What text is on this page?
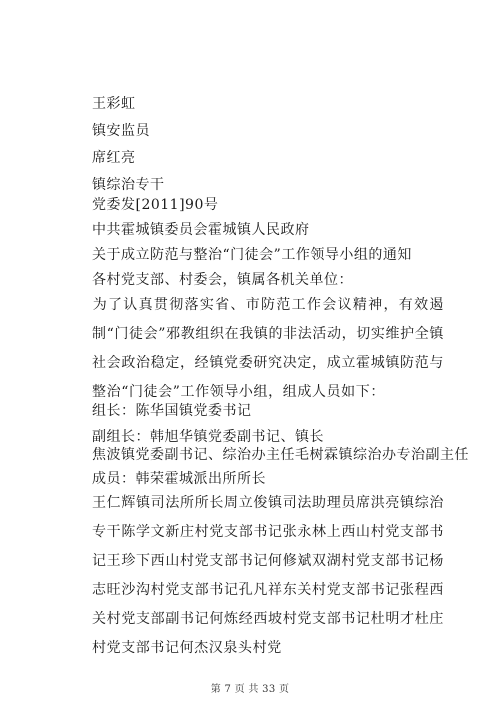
王彩虹
镇安监员
席红亮
镇综治专干
党委发[2011]90号
中共霍城镇委员会霍城镇人民政府
关于成立防范与整治“门徒会”工作领导小组的通知
各村党支部、村委会，镇属各机关单位：
为了认真贯彻落实省、市防范工作会议精神，有效遏制“门徒会”邪教组织在我镇的非法活动，切实维护全镇社会政治稳定，经镇党委研究决定，成立霍城镇防范与整治“门徒会”工作领导小组，组成人员如下：
组长：陈华国镇党委书记
副组长：韩旭华镇党委副书记、镇长
焦波镇党委副书记、综治办主任毛树霖镇综治办专治副主任
成员：韩荣霍城派出所所长
王仁辉镇司法所所长周立俊镇司法助理员席洪亮镇综治专干陈学文新庄村党支部书记张永林上西山村党支部书记王珍下西山村党支部书记何修斌双湖村党支部书记杨志旺沙沟村党支部书记孔凡祥东关村党支部书记张程西关村党支部副书记何炼经西坡村党支部书记杜明才杜庄村党支部书记何杰汉泉头村党
第 7 页 共 33 页
